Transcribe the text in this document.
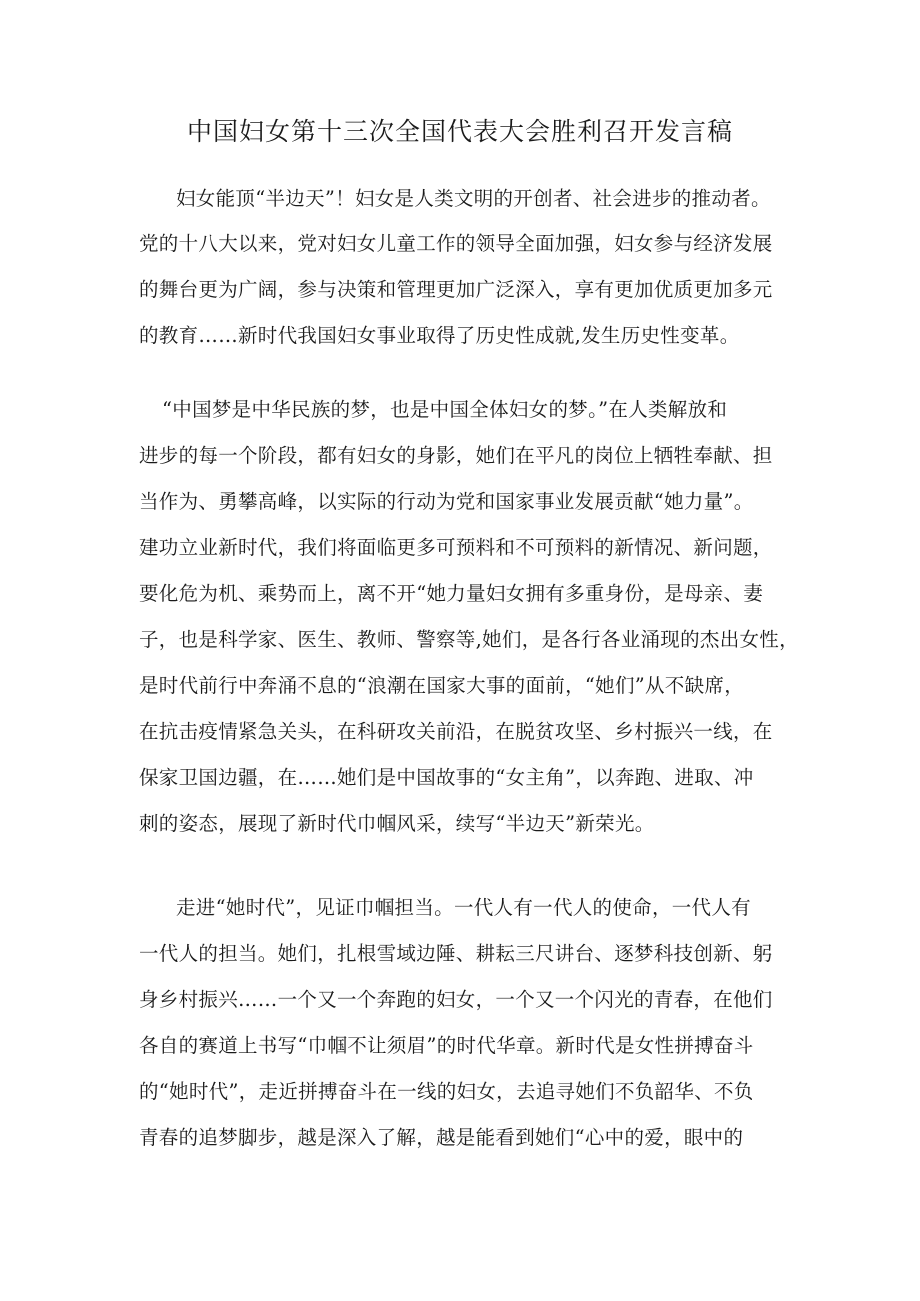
中国妇女第十三次全国代表大会胜利召开发言稿
妇女能顶“半边天”！妇女是人类文明的开创者、社会进步的推动者。
党的十八大以来，党对妇女儿童工作的领导全面加强，妇女参与经济发展
的舞台更为广阔，参与决策和管理更加广泛深入，享有更加优质更加多元
的教育……新时代我国妇女事业取得了历史性成就,发生历史性变革。
“中国梦是中华民族的梦，也是中国全体妇女的梦。”在人类解放和
进步的每一个阶段，都有妇女的身影，她们在平凡的岗位上牺牲奉献、担
当作为、勇攀高峰，以实际的行动为党和国家事业发展贡献“她力量”。
建功立业新时代，我们将面临更多可预料和不可预料的新情况、新问题，
要化危为机、乘势而上，离不开“她力量妇女拥有多重身份，是母亲、妻
子，也是科学家、医生、教师、警察等,她们，是各行各业涌现的杰出女性，
是时代前行中奔涌不息的“浪潮在国家大事的面前，“她们”从不缺席，
在抗击疫情紧急关头，在科研攻关前沿，在脱贫攻坚、乡村振兴一线，在
保家卫国边疆，在……她们是中国故事的“女主角”，以奔跑、进取、冲
刺的姿态，展现了新时代巾帼风采，续写“半边天”新荣光。
走进“她时代”，见证巾帼担当。一代人有一代人的使命，一代人有
一代人的担当。她们，扎根雪域边陲、耕耘三尺讲台、逐梦科技创新、躬
身乡村振兴……一个又一个奔跑的妇女，一个又一个闪光的青春，在他们
各自的赛道上书写“巾帼不让须眉”的时代华章。新时代是女性拼搏奋斗
的“她时代”，走近拼搏奋斗在一线的妇女，去追寻她们不负韶华、不负
青春的追梦脚步，越是深入了解，越是能看到她们“心中的爱，眼中的
